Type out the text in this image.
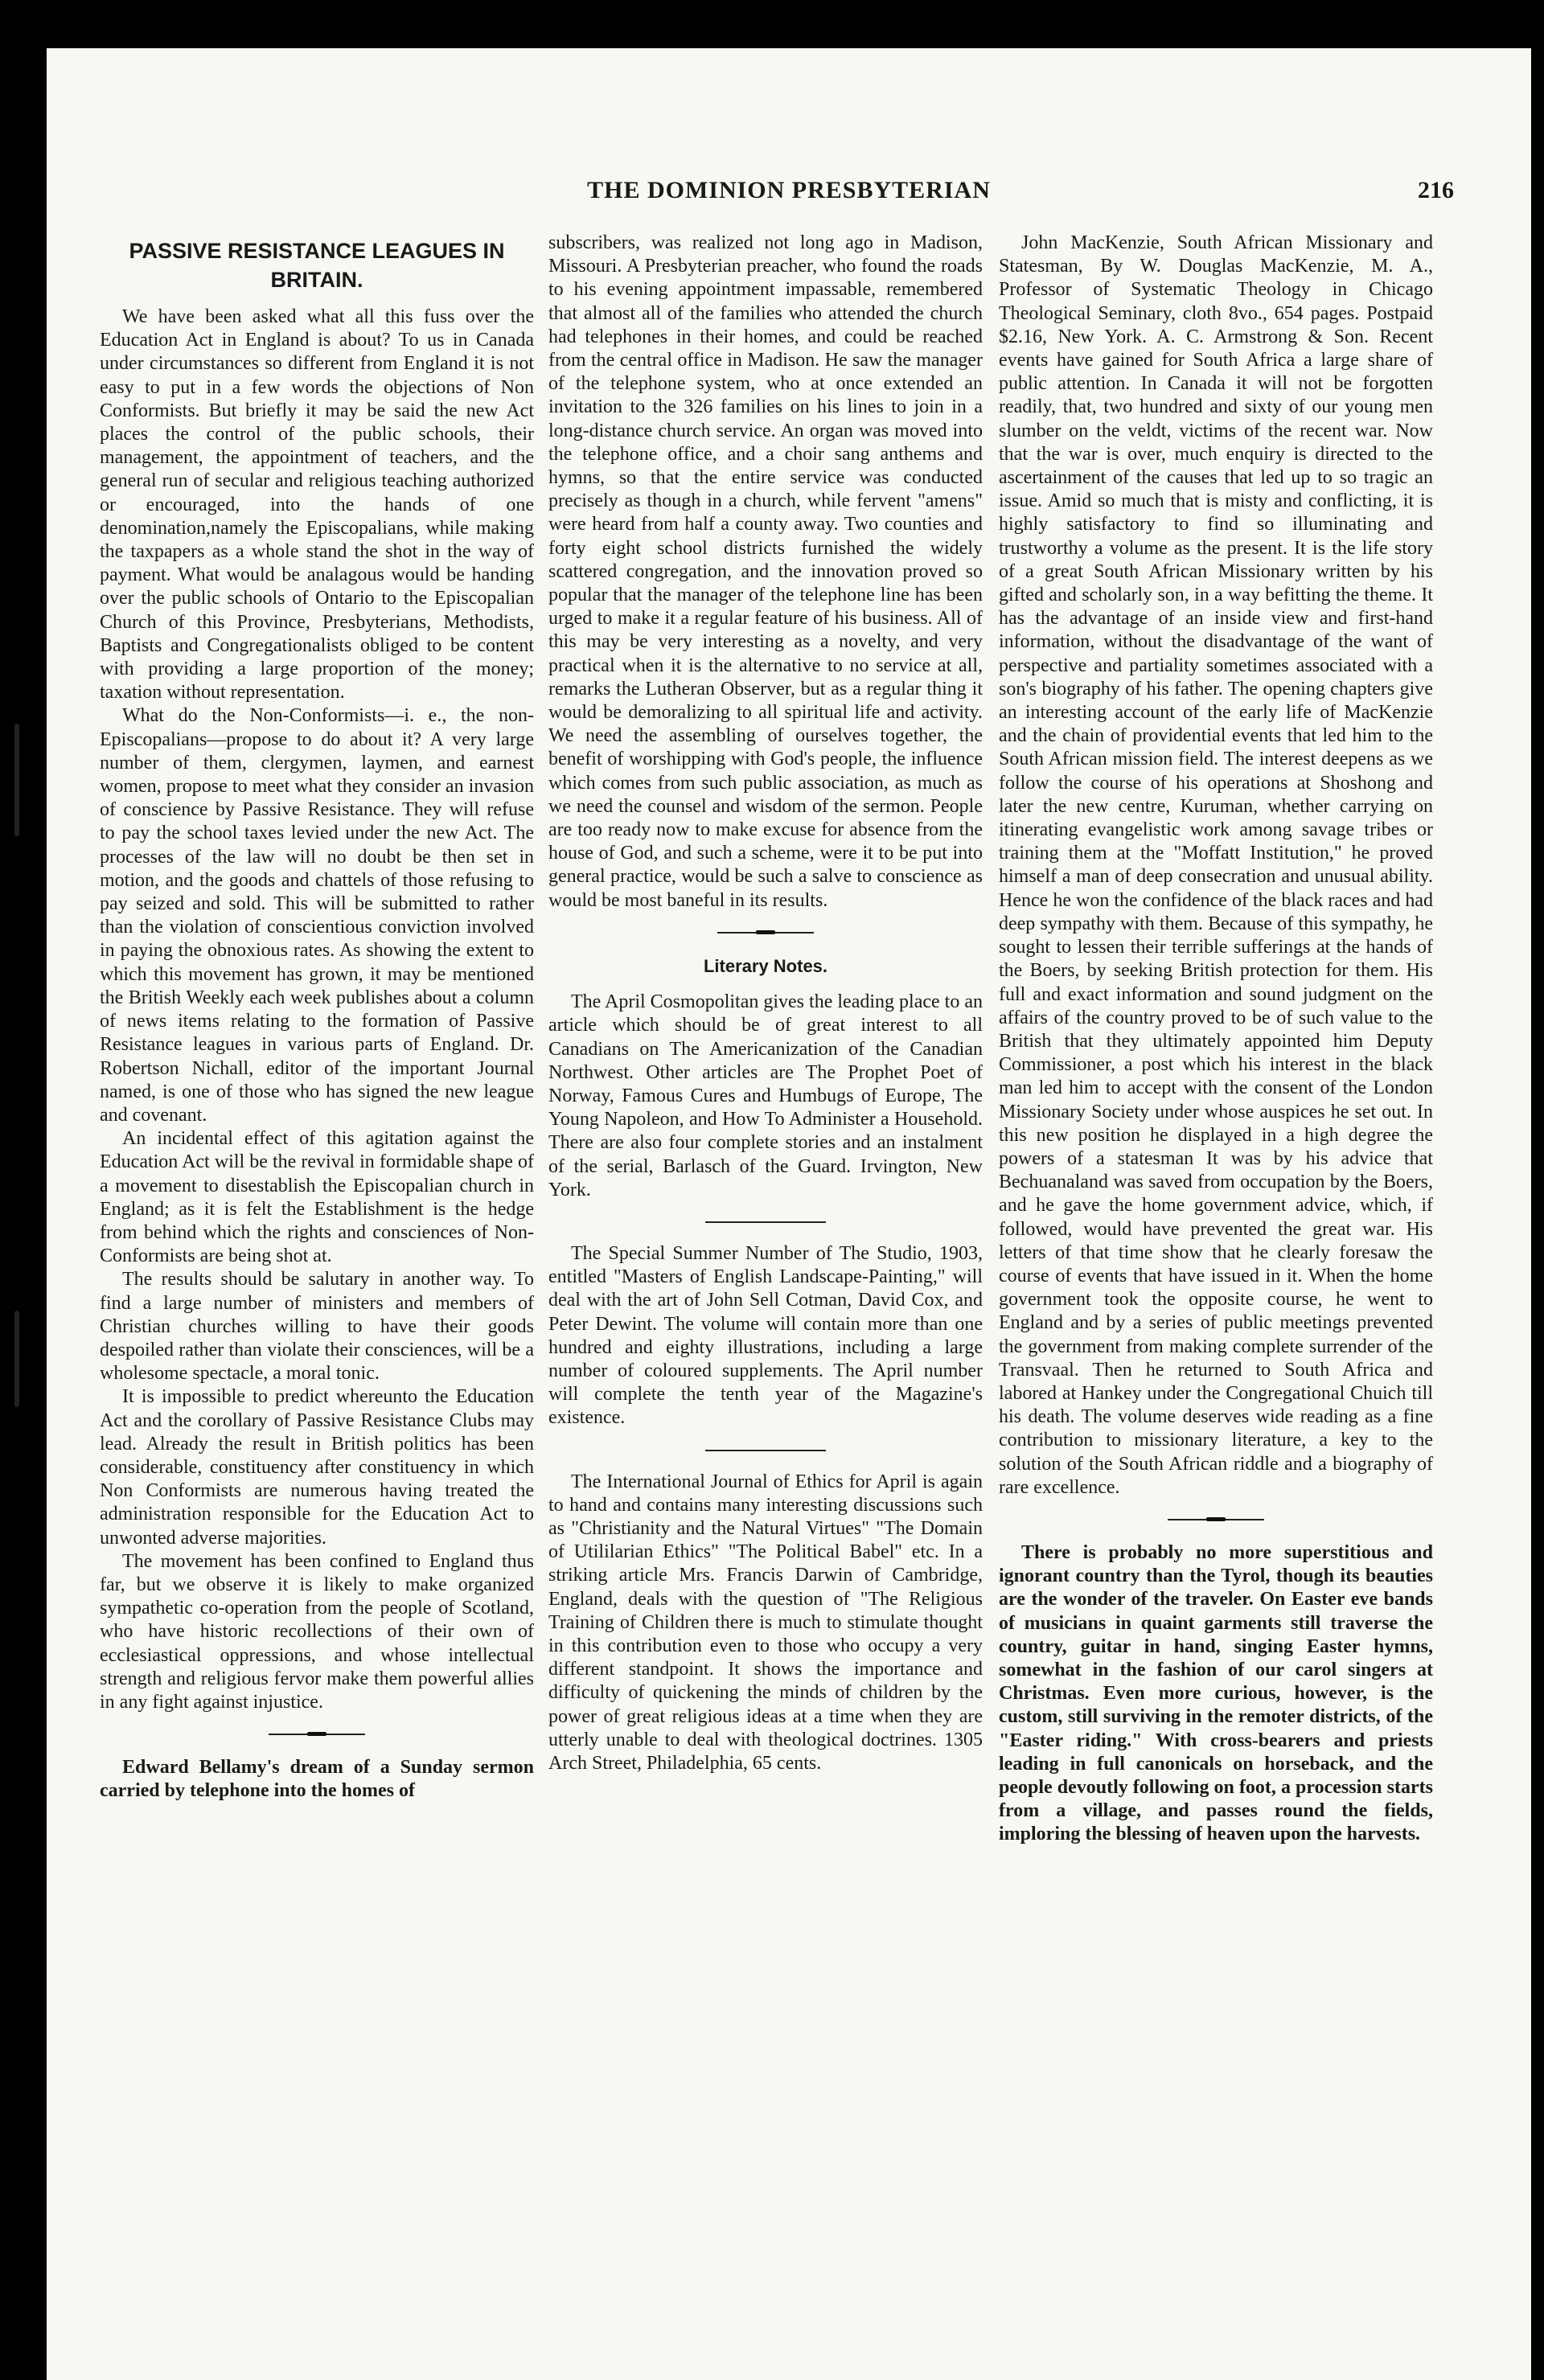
THE DOMINION PRESBYTERIAN	216
PASSIVE RESISTANCE LEAGUES IN BRITAIN.

We have been asked what all this fuss over the Education Act in England is about? To us in Canada under circumstances so different from England it is not easy to put in a few words the objections of Non Conformists. But briefly it may be said the new Act places the control of the public schools, their management, the appointment of teachers, and the general run of secular and religious teaching authorized or encouraged, into the hands of one denomination,namely the Episcopalians, while making the taxpapers as a whole stand the shot in the way of payment. What would be analagous would be handing over the public schools of Ontario to the Episcopalian Church of this Province, Presbyterians, Methodists, Baptists and Congregationalists obliged to be content with providing a large proportion of the money; taxation without representation.

What do the Non-Conformists—i. e., the non-Episcopalians—propose to do about it? A very large number of them, clergymen, laymen, and earnest women, propose to meet what they consider an invasion of conscience by Passive Resistance. They will refuse to pay the school taxes levied under the new Act. The processes of the law will no doubt be then set in motion, and the goods and chattels of those refusing to pay seized and sold. This will be submitted to rather than the violation of conscientious conviction involved in paying the obnoxious rates. As showing the extent to which this movement has grown, it may be mentioned the British Weekly each week publishes about a column of news items relating to the formation of Passive Resistance leagues in various parts of England. Dr. Robertson Nichall, editor of the important Journal named, is one of those who has signed the new league and covenant.

An incidental effect of this agitation against the Education Act will be the revival in formidable shape of a movement to disestablish the Episcopalian church in England; as it is felt the Establishment is the hedge from behind which the rights and consciences of Non-Conformists are being shot at.

The results should be salutary in another way. To find a large number of ministers and members of Christian churches willing to have their goods despoiled rather than violate their consciences, will be a wholesome spectacle, a moral tonic.

It is impossible to predict whereunto the Education Act and the corollary of Passive Resistance Clubs may lead. Already the result in British politics has been considerable, constituency after constituency in which Non Conformists are numerous having treated the administration responsible for the Education Act to unwonted adverse majorities.

The movement has been confined to England thus far, but we observe it is likely to make organized sympathetic co-operation from the people of Scotland, who have historic recollections of their own of ecclesiastical oppressions, and whose intellectual strength and religious fervor make them powerful allies in any fight against injustice.

Edward Bellamy's dream of a Sunday sermon carried by telephone into the homes of

subscribers, was realized not long ago in Madison, Missouri. A Presbyterian preacher, who found the roads to his evening appointment impassable, remembered that almost all of the families who attended the church had telephones in their homes, and could be reached from the central office in Madison. He saw the manager of the telephone system, who at once extended an invitation to the 326 families on his lines to join in a long-distance church service. An organ was moved into the telephone office, and a choir sang anthems and hymns, so that the entire service was conducted precisely as though in a church, while fervent "amens" were heard from half a county away. Two counties and forty eight school districts furnished the widely scattered congregation, and the innovation proved so popular that the manager of the telephone line has been urged to make it a regular feature of his business. All of this may be very interesting as a novelty, and very practical when it is the alternative to no service at all, remarks the Lutheran Observer, but as a regular thing it would be demoralizing to all spiritual life and activity. We need the assembling of ourselves together, the benefit of worshipping with God's people, the influence which comes from such public association, as much as we need the counsel and wisdom of the sermon. People are too ready now to make excuse for absence from the house of God, and such a scheme, were it to be put into general practice, would be such a salve to conscience as would be most baneful in its results.

Literary Notes.

The April Cosmopolitan gives the leading place to an article which should be of great interest to all Canadians on The Americanization of the Canadian Northwest. Other articles are The Prophet Poet of Norway, Famous Cures and Humbugs of Europe, The Young Napoleon, and How To Administer a Household. There are also four complete stories and an instalment of the serial, Barlasch of the Guard. Irvington, New York.

The Special Summer Number of The Studio, 1903, entitled "Masters of English Landscape-Painting," will deal with the art of John Sell Cotman, David Cox, and Peter Dewint. The volume will contain more than one hundred and eighty illustrations, including a large number of coloured supplements. The April number will complete the tenth year of the Magazine's existence.

The International Journal of Ethics for April is again to hand and contains many interesting discussions such as "Christianity and the Natural Virtues" "The Domain of Utililarian Ethics" "The Political Babel" etc. In a striking article Mrs. Francis Darwin of Cambridge, England, deals with the question of "The Religious Training of Children there is much to stimulate thought in this contribution even to those who occupy a very different standpoint. It shows the importance and difficulty of quickening the minds of children by the power of great religious ideas at a time when they are utterly unable to deal with theological doctrines. 1305 Arch Street, Philadelphia, 65 cents.

John MacKenzie, South African Missionary and Statesman, By W. Douglas MacKenzie, M. A., Professor of Systematic Theology in Chicago Theological Seminary, cloth 8vo., 654 pages. Postpaid $2.16, New York. A. C. Armstrong & Son. Recent events have gained for South Africa a large share of public attention. In Canada it will not be forgotten readily, that, two hundred and sixty of our young men slumber on the veldt, victims of the recent war. Now that the war is over, much enquiry is directed to the ascertainment of the causes that led up to so tragic an issue. Amid so much that is misty and conflicting, it is highly satisfactory to find so illuminating and trustworthy a volume as the present. It is the life story of a great South African Missionary written by his gifted and scholarly son, in a way befitting the theme. It has the advantage of an inside view and first-hand information, without the disadvantage of the want of perspective and partiality sometimes associated with a son's biography of his father. The opening chapters give an interesting account of the early life of MacKenzie and the chain of providential events that led him to the South African mission field. The interest deepens as we follow the course of his operations at Shoshong and later the new centre, Kuruman, whether carrying on itinerating evangelistic work among savage tribes or training them at the "Moffatt Institution," he proved himself a man of deep consecration and unusual ability. Hence he won the confidence of the black races and had deep sympathy with them. Because of this sympathy, he sought to lessen their terrible sufferings at the hands of the Boers, by seeking British protection for them. His full and exact information and sound judgment on the affairs of the country proved to be of such value to the British that they ultimately appointed him Deputy Commissioner, a post which his interest in the black man led him to accept with the consent of the London Missionary Society under whose auspices he set out. In this new position he displayed in a high degree the powers of a statesman It was by his advice that Bechuanaland was saved from occupation by the Boers, and he gave the home government advice, which, if followed, would have prevented the great war. His letters of that time show that he clearly foresaw the course of events that have issued in it. When the home government took the opposite course, he went to England and by a series of public meetings prevented the government from making complete surrender of the Transvaal. Then he returned to South Africa and labored at Hankey under the Congregational Chuich till his death. The volume deserves wide reading as a fine contribution to missionary literature, a key to the solution of the South African riddle and a biography of rare excellence.

There is probably no more superstitious and ignorant country than the Tyrol, though its beauties are the wonder of the traveler. On Easter eve bands of musicians in quaint garments still traverse the country, guitar in hand, singing Easter hymns, somewhat in the fashion of our carol singers at Christmas. Even more curious, however, is the custom, still surviving in the remoter districts, of the "Easter riding." With cross-bearers and priests leading in full canonicals on horseback, and the people devoutly following on foot, a procession starts from a village, and passes round the fields, imploring the blessing of heaven upon the harvests.
